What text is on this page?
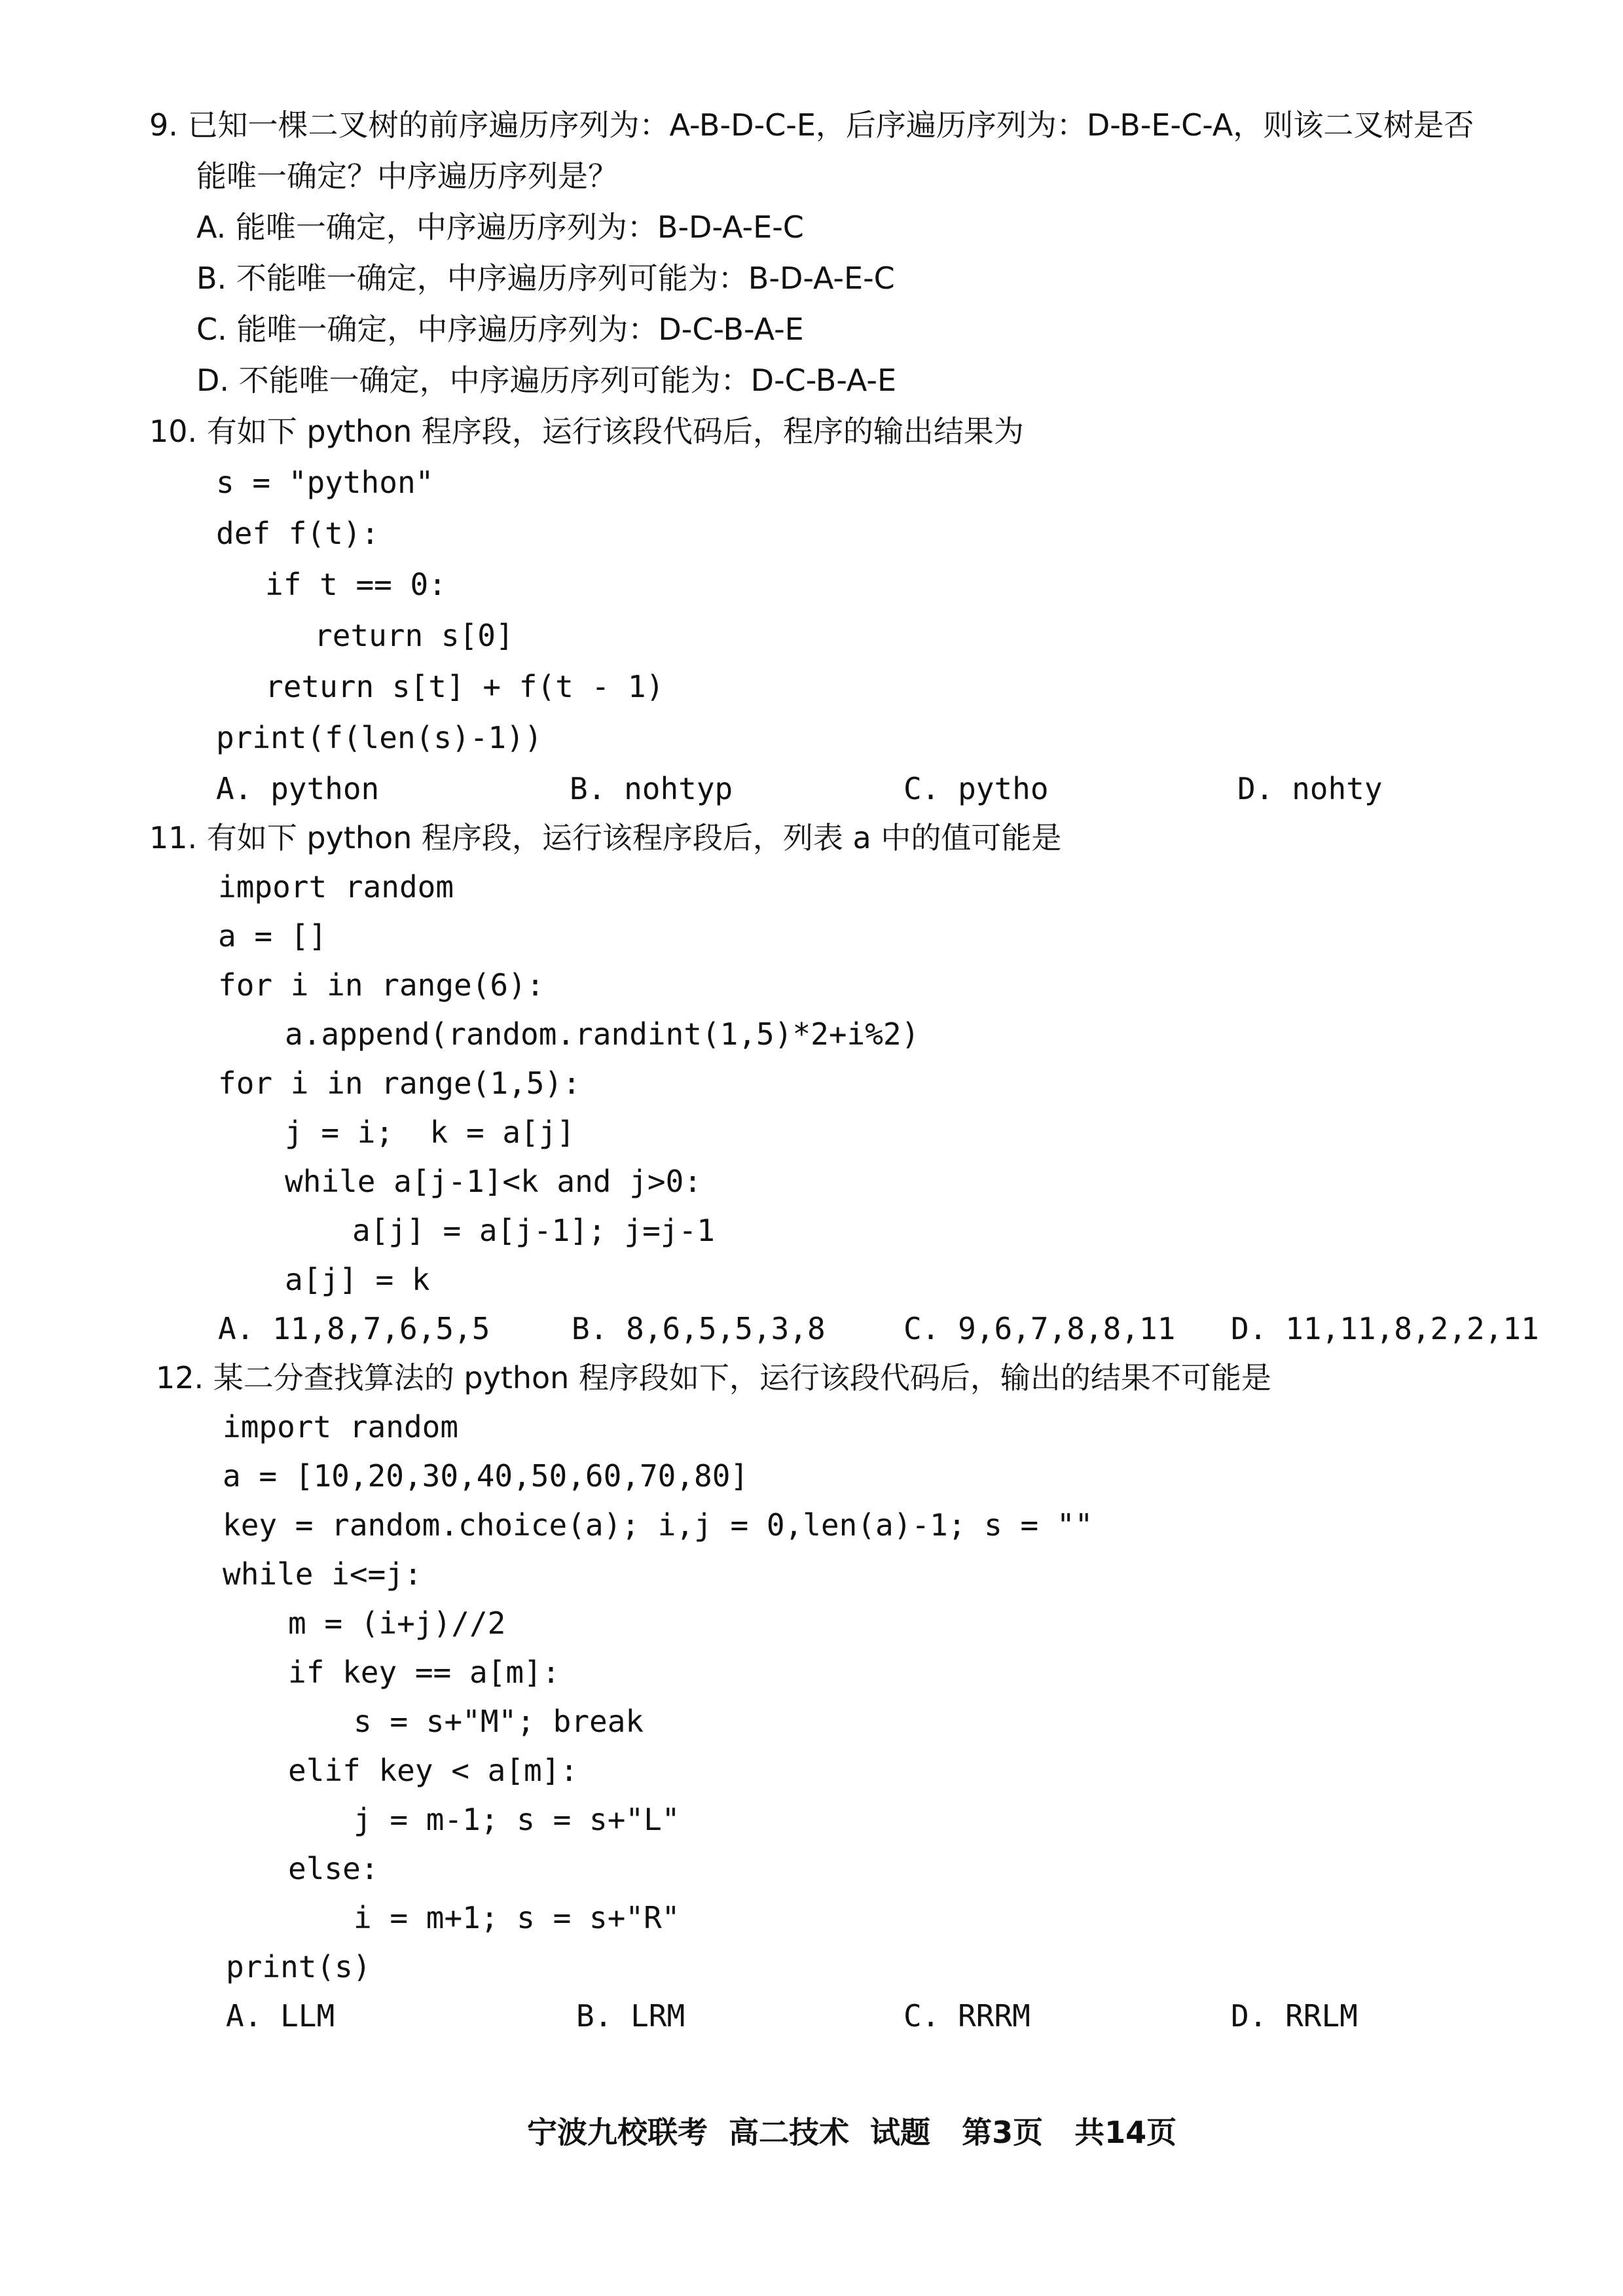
9. 已知一棵二叉树的前序遍历序列为：A-B-D-C-E，后序遍历序列为：D-B-E-C-A，则该二叉树是否
能唯一确定？中序遍历序列是？
A. 能唯一确定，中序遍历序列为：B-D-A-E-C
B. 不能唯一确定，中序遍历序列可能为：B-D-A-E-C
C. 能唯一确定，中序遍历序列为：D-C-B-A-E
D. 不能唯一确定，中序遍历序列可能为：D-C-B-A-E
10. 有如下 python 程序段，运行该段代码后，程序的输出结果为
s = "python"
def f(t):
if t == 0:
return s[0]
return s[t] + f(t - 1)
print(f(len(s)-1))
A. python	B. nohtyp	C. pytho	D. nohty
11. 有如下 python 程序段，运行该程序段后，列表 a 中的值可能是
import random
a = []
for i in range(6):
a.append(random.randint(1,5)*2+i%2)
for i in range(1,5):
j = i;  k = a[j]
while a[j-1]<k and j>0:
a[j] = a[j-1]; j=j-1
a[j] = k
A. 11,8,7,6,5,5	B. 8,6,5,5,3,8	C. 9,6,7,8,8,11 D. 11,11,8,2,2,11
12. 某二分查找算法的 python 程序段如下，运行该段代码后，输出的结果不可能是
import random
a = [10,20,30,40,50,60,70,80]
key = random.choice(a); i,j = 0,len(a)-1; s = ""
while i<=j:
m = (i+j)//2
if key == a[m]:
s = s+"M"; break
elif key < a[m]:
j = m-1; s = s+"L"
else:
i = m+1; s = s+"R"
print(s)
A. LLM	B. LRM	C. RRRM	D. RRLM
宁波九校联考  高二技术  试题   第3页   共14页
